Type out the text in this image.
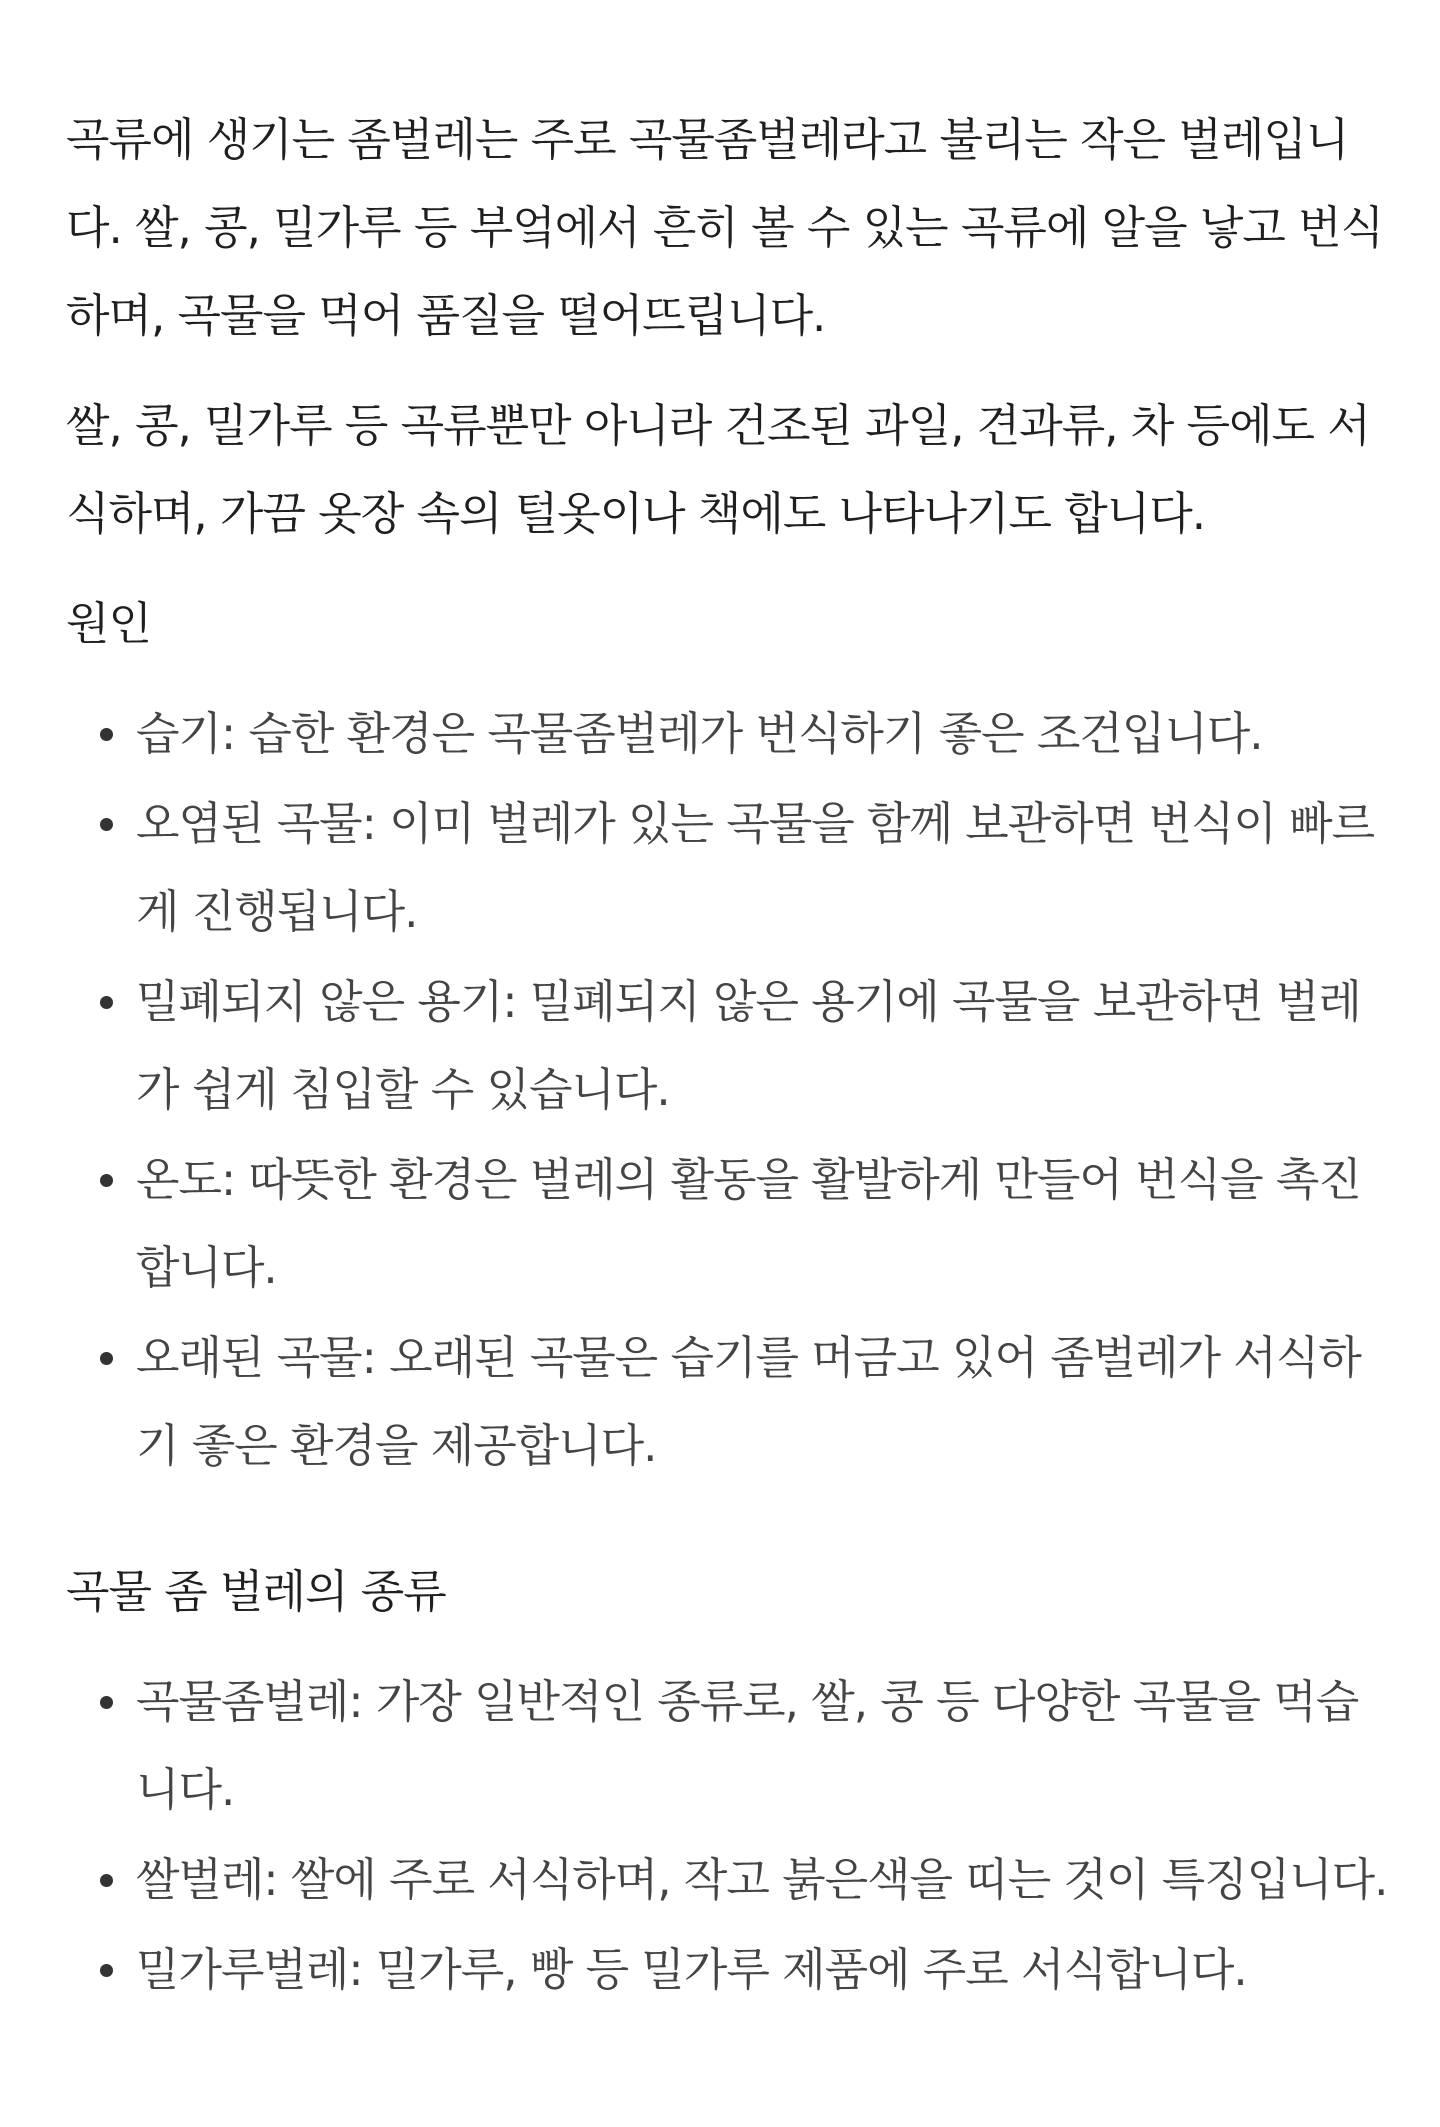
곡류에 생기는 좀벌레는 주로 곡물좀벌레라고 불리는 작은 벌레입니다. 쌀, 콩, 밀가루 등 부엌에서 흔히 볼 수 있는 곡류에 알을 낳고 번식하며, 곡물을 먹어 품질을 떨어뜨립니다.

쌀, 콩, 밀가루 등 곡류뿐만 아니라 건조된 과일, 견과류, 차 등에도 서식하며, 가끔 옷장 속의 털옷이나 책에도 나타나기도 합니다.

원인
습기: 습한 환경은 곡물좀벌레가 번식하기 좋은 조건입니다.
오염된 곡물: 이미 벌레가 있는 곡물을 함께 보관하면 번식이 빠르게 진행됩니다.
밀폐되지 않은 용기: 밀폐되지 않은 용기에 곡물을 보관하면 벌레가 쉽게 침입할 수 있습니다.
온도: 따뜻한 환경은 벌레의 활동을 활발하게 만들어 번식을 촉진합니다.
오래된 곡물: 오래된 곡물은 습기를 머금고 있어 좀벌레가 서식하기 좋은 환경을 제공합니다.
곡물 좀 벌레의 종류
곡물좀벌레: 가장 일반적인 종류로, 쌀, 콩 등 다양한 곡물을 먹습니다.
쌀벌레: 쌀에 주로 서식하며, 작고 붉은색을 띠는 것이 특징입니다.
밀가루벌레: 밀가루, 빵 등 밀가루 제품에 주로 서식합니다.
